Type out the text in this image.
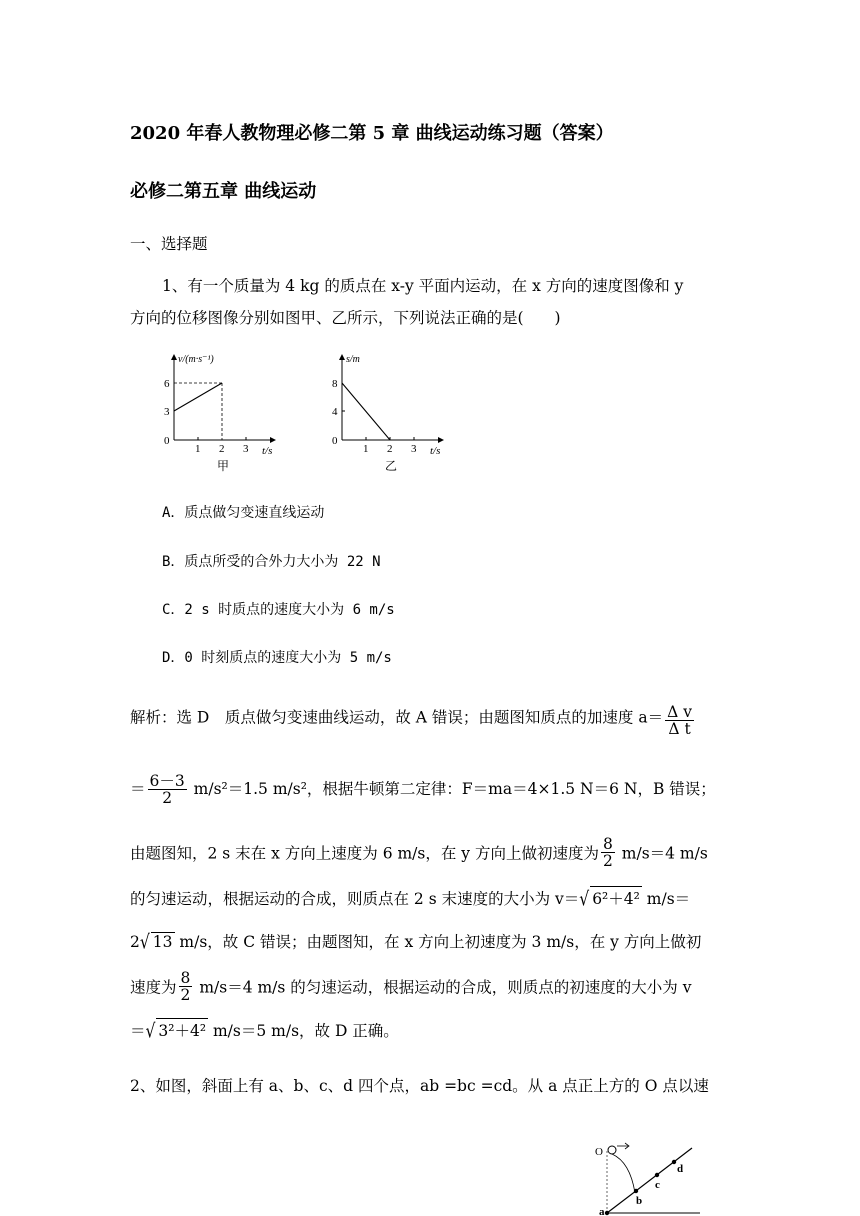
2020 年春人教物理必修二第 5 章 曲线运动练习题（答案）
必修二第五章 曲线运动
一、选择题
1、有一个质量为 4 kg 的质点在 x-y 平面内运动，在 x 方向的速度图像和 y
方向的位移图像分别如图甲、乙所示，下列说法正确的是(　　)
v/(m·s⁻¹)
6
3
0
1 2 3 t/s
甲
s/m
8
4
0
1 2 3 t/s
乙
A．质点做匀变速直线运动
B．质点所受的合外力大小为 22 N
C．2 s 时质点的速度大小为 6 m/s
D．0 时刻质点的速度大小为 5 m/s
解析：选 D　质点做匀变速曲线运动，故 A 错误；由题图知质点的加速度 $a= \frac{\text{Δ v}}{\text{Δ t}}$
＝ $\frac{6-3}{2} m/s^2=1.5$ m/s²，根据牛顿第二定律：F＝ma＝4×1.5 N＝6 N，B 错误；
由题图知，2 s 末在 x 方向上速度为 6 m/s，在 y 方向上做初速度为 $\frac{8}{2} m/s=4$ m/s
的匀速运动，根据运动的合成，则质点在 2 s 末速度的大小为 v＝√ 6²＋4² m/s＝
2√ 13 m/s，故 C 错误；由题图知，在 x 方向上初速度为 3 m/s，在 y 方向上做初
速度为 $\frac{8}{2} m/s=4$ m/s 的匀速运动，根据运动的合成，则质点的初速度的大小为 v
＝√ 3²＋4² m/s＝5 m/s，故 D 正确。
2、如图，斜面上有 a、b、c、d 四个点，ab =bc =cd。从 a 点正上方的 O 点以速
O
a
b
c
d
